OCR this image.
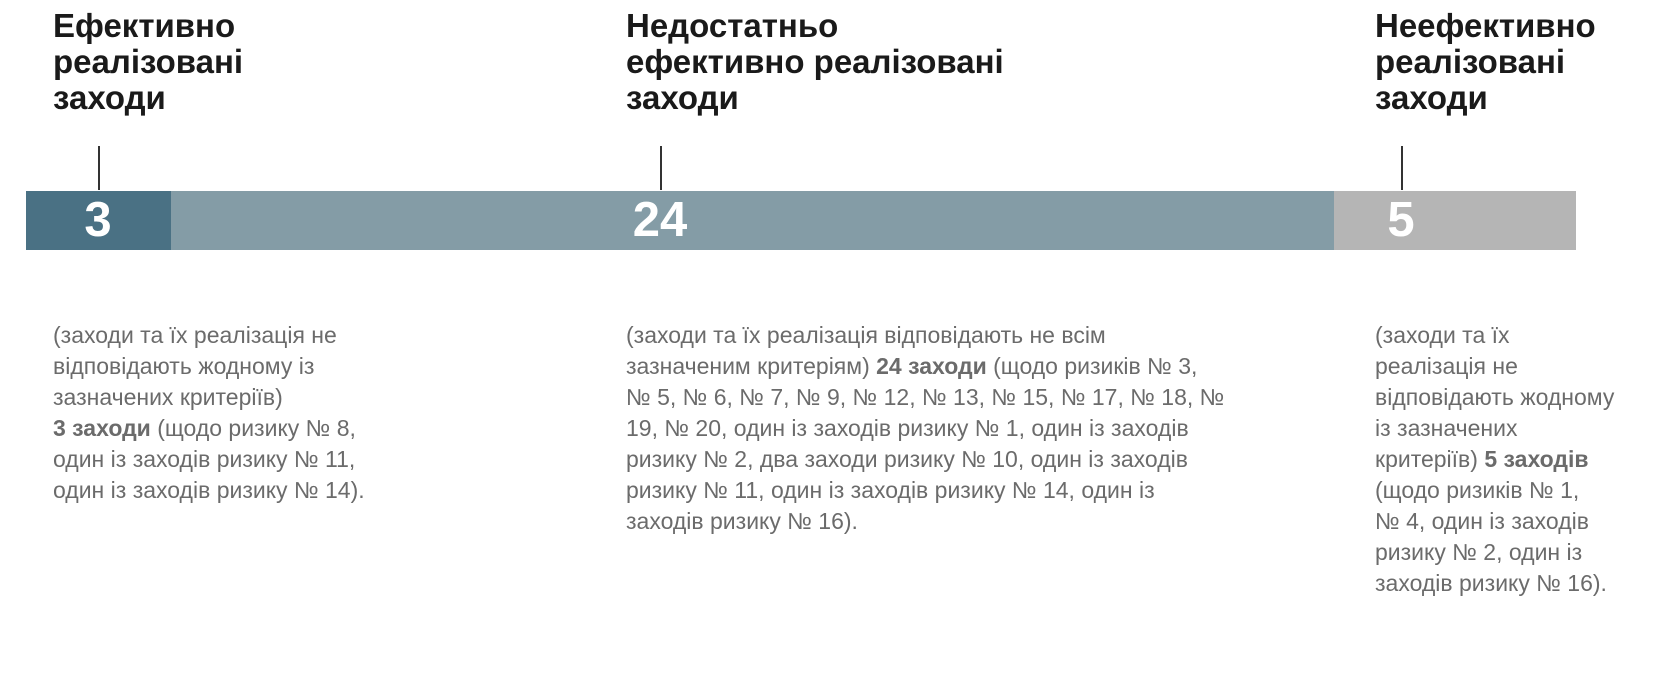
Ефективно
реалізовані
заходи
Недостатньо
ефективно реалізовані
заходи
Неефективно
реалізовані
заходи
3	24	5
(заходи та їх реалізація не
відповідають жодному із
зазначених критеріїв)
3 заходи (щодо ризику № 8,
один із заходів ризику № 11,
один із заходів ризику № 14).
(заходи та їх реалізація відповідають не всім
зазначеним критеріям) 24 заходи (щодо ризиків № 3,
№ 5, № 6, № 7, № 9, № 12, № 13, № 15, № 17, № 18, №
19, № 20, один із заходів ризику № 1, один із заходів
ризику № 2, два заходи ризику № 10, один із заходів
ризику № 11, один із заходів ризику № 14, один із
заходів ризику № 16).
(заходи та їх
реалізація не
відповідають жодному
із зазначених
критеріїв) 5 заходів
(щодо ризиків № 1,
№ 4, один із заходів
ризику № 2, один із
заходів ризику № 16).
